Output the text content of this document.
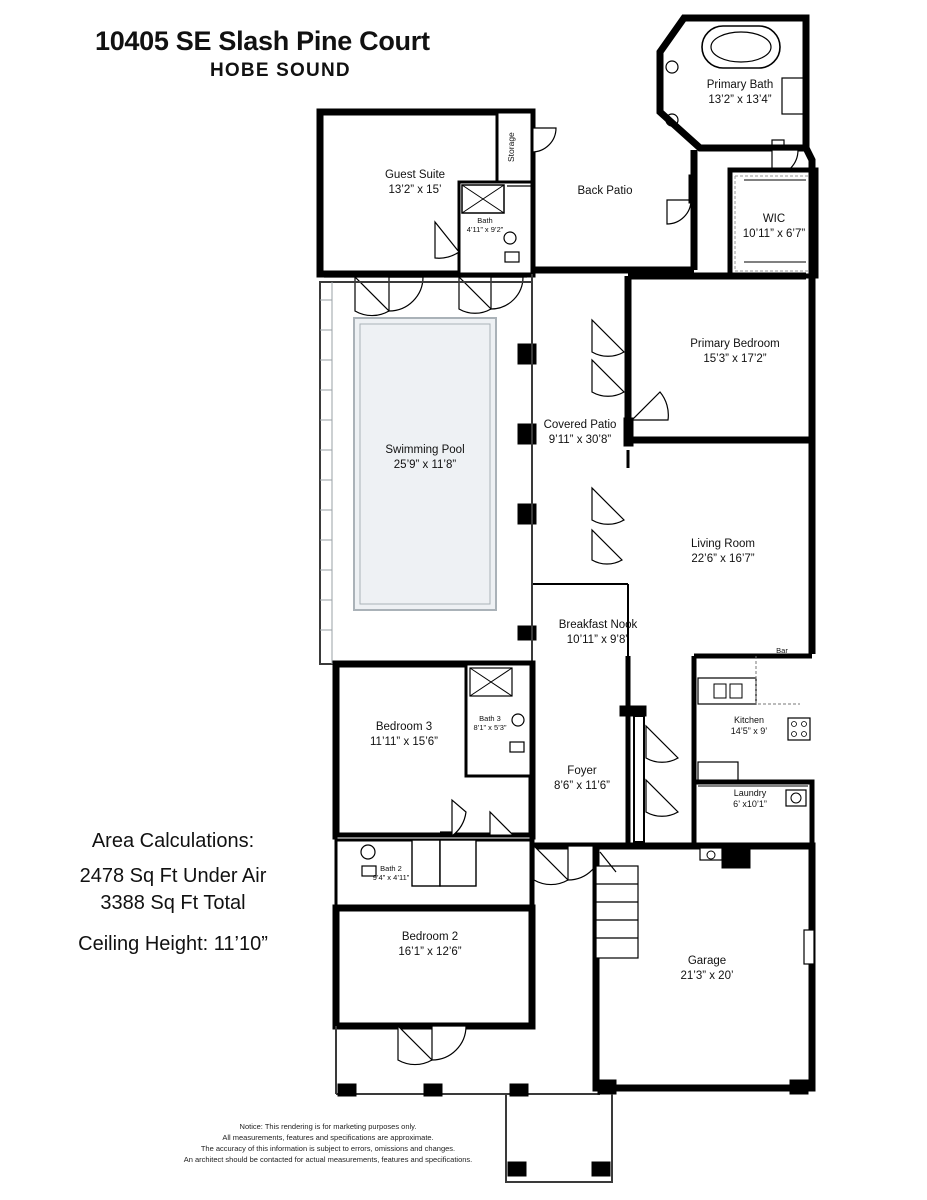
10405 SE Slash Pine Court
HOBE SOUND
Area Calculations:
2478 Sq Ft Under Air
3388 Sq Ft Total
Ceiling Height: 11’10”
Notice: This rendering is for marketing purposes only.
All measurements, features and specifications are approximate.
The accuracy of this information is subject to errors, omissions and changes.
An architect should be contacted for actual measurements, features and specifications.
Guest Suite
13’2” x 15’
Storage
Bath
4’11” x 9’2”
Back Patio
Primary Bath
13’2” x 13’4”
WIC
10’11” x 6’7”
Primary Bedroom
15’3” x 17’2”
Swimming Pool
25’9” x 11’8”
Covered Patio
9’11” x 30’8”
Living Room
22’6” x 16’7”
Breakfast Nook
10’11” x 9’8”
Bar
Kitchen
14’5” x 9’
Bedroom 3
11’11” x 15’6”
Bath 3
8’1” x 5’3”
Foyer
8’6” x 11’6”
Laundry
6’ x10’1”
Bath 2
9’4” x 4’11”
Bedroom 2
16’1” x 12’6”
Garage
21’3” x 20’
